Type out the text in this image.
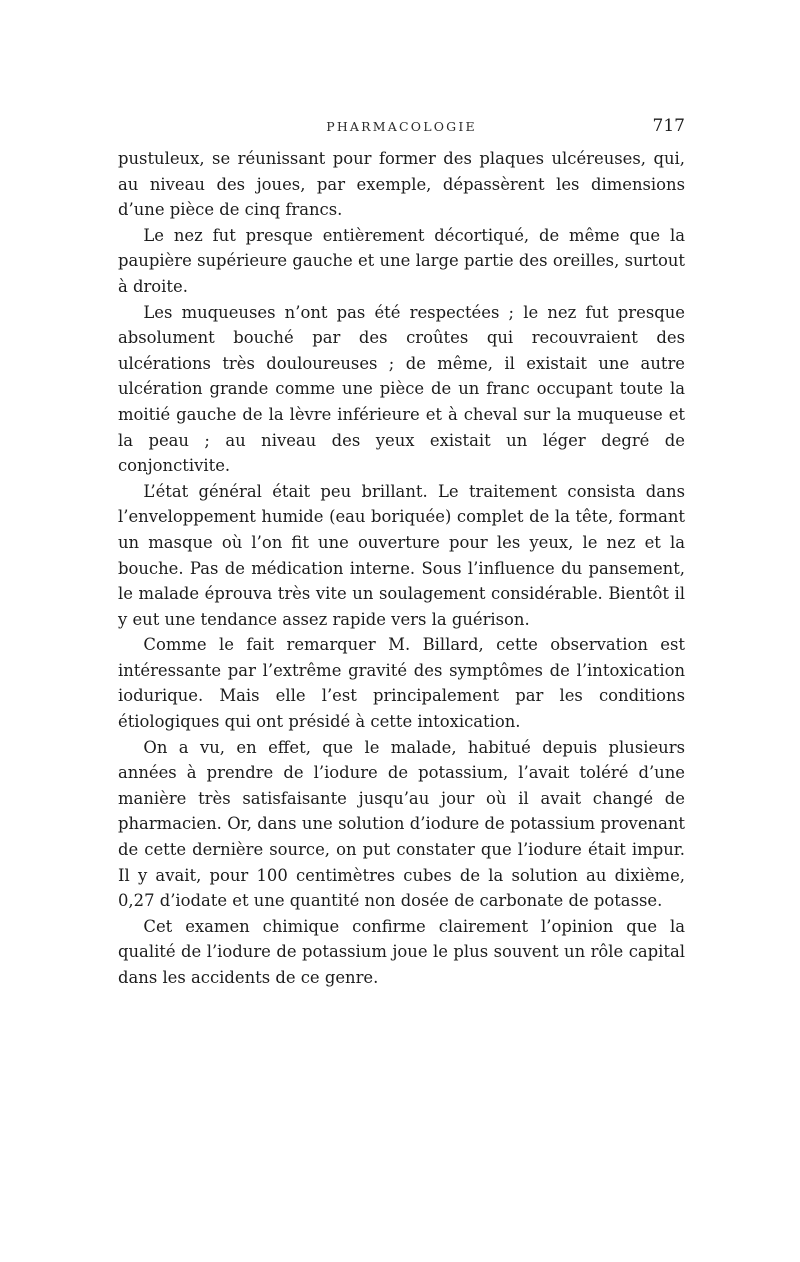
PHARMACOLOGIE	717

pustuleux, se réunissant pour former des plaques ulcéreuses, qui, au niveau des joues, par exemple, dépassèrent les dimensions d’une pièce de cinq francs.

Le nez fut presque entièrement décortiqué, de même que la paupière supérieure gauche et une large partie des oreilles, surtout à droite.

Les muqueuses n’ont pas été respectées ; le nez fut presque absolument bouché par des croûtes qui recouvraient des ulcérations très douloureuses ; de même, il existait une autre ulcération grande comme une pièce de un franc occupant toute la moitié gauche de la lèvre inférieure et à cheval sur la muqueuse et la peau ; au niveau des yeux existait un léger degré de conjonctivite.

L’état général était peu brillant. Le traitement consista dans l’enveloppement humide (eau boriquée) complet de la tête, formant un masque où l’on fit une ouverture pour les yeux, le nez et la bouche. Pas de médication interne. Sous l’influence du pansement, le malade éprouva très vite un soulagement considérable. Bientôt il y eut une tendance assez rapide vers la guérison.

Comme le fait remarquer M. Billard, cette observation est intéressante par l’extrême gravité des symptômes de l’intoxication iodurique. Mais elle l’est principalement par les conditions étiologiques qui ont présidé à cette intoxication.

On a vu, en effet, que le malade, habitué depuis plusieurs années à prendre de l’iodure de potassium, l’avait toléré d’une manière très satisfaisante jusqu’au jour où il avait changé de pharmacien. Or, dans une solution d’iodure de potassium provenant de cette dernière source, on put constater que l’iodure était impur. Il y avait, pour 100 centimètres cubes de la solution au dixième, 0,27 d’iodate et une quantité non dosée de carbonate de potasse.

Cet examen chimique confirme clairement l’opinion que la qualité de l’iodure de potassium joue le plus souvent un rôle capital dans les accidents de ce genre.
